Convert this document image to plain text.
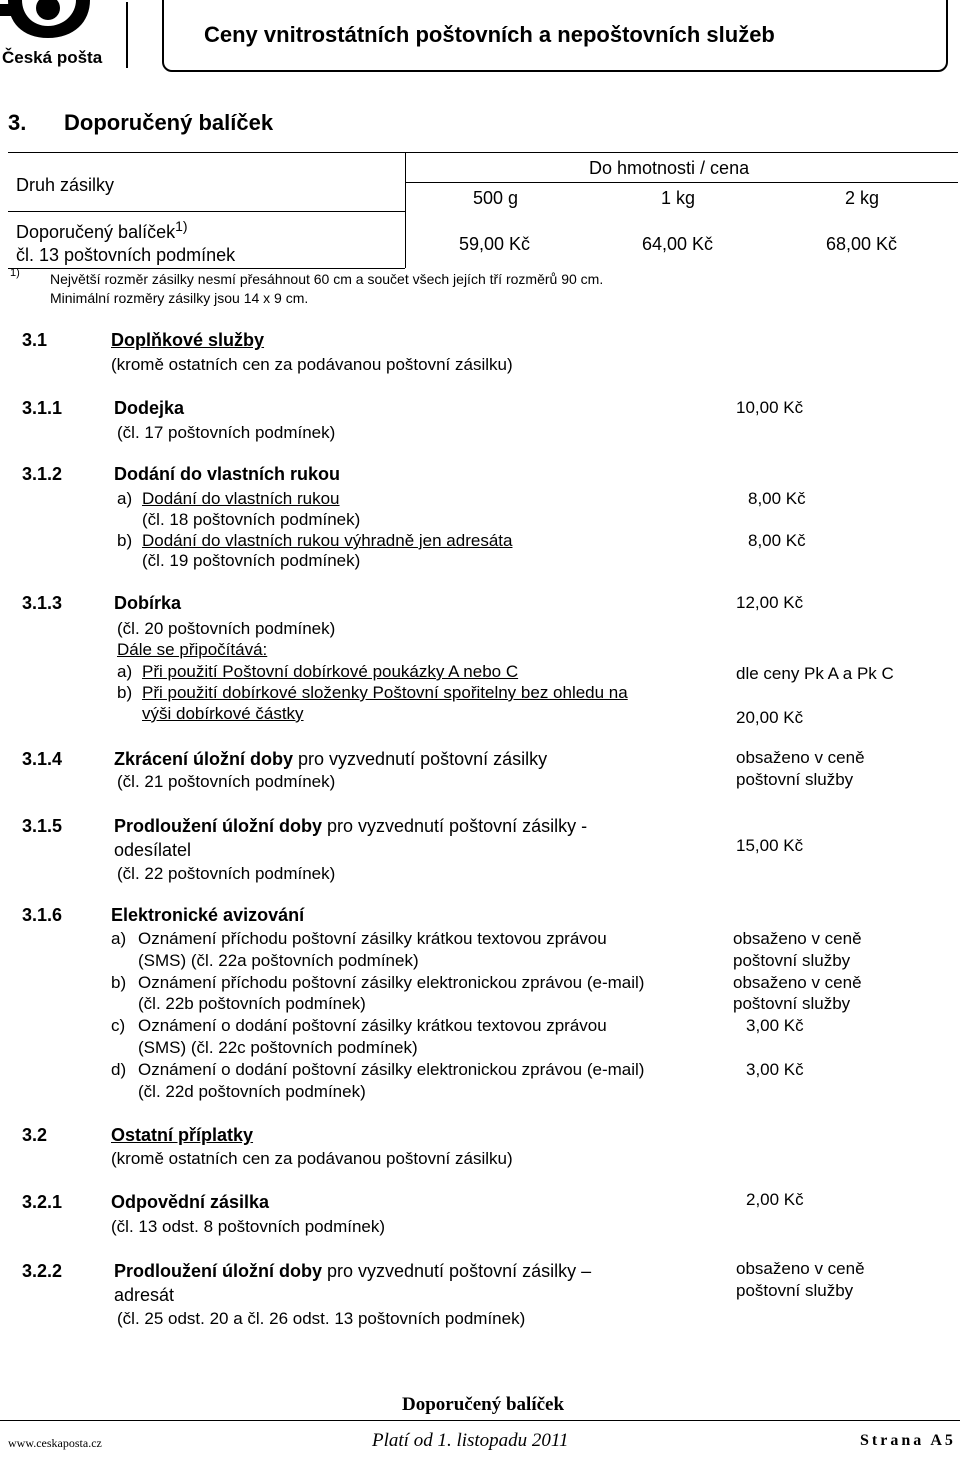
Česká pošta
Ceny vnitrostátních poštovních a nepoštovních služeb
3. Doporučený balíček
Druh zásilky
Do hmotnosti / cena
500 g	1 kg	2 kg
Doporučený balíček$^{1)}$
čl. 13 poštovních podmínek
59,00 Kč	64,00 Kč	68,00 Kč
1) Největší rozměr zásilky nesmí přesáhnout 60 cm a součet všech jejích tří rozměrů 90 cm.
Minimální rozměry zásilky jsou 14 x 9 cm.
3.1	Doplňkové služby
(kromě ostatních cen za podávanou poštovní zásilku)
3.1.1	Dodejka
(čl. 17 poštovních podmínek)
10,00 Kč
3.1.2	Dodání do vlastních rukou
a) Dodání do vlastních rukou
(čl. 18 poštovních podmínek)
8,00 Kč
b) Dodání do vlastních rukou výhradně jen adresáta
(čl. 19 poštovních podmínek)
8,00 Kč
3.1.3	Dobírka	12,00 Kč
(čl. 20 poštovních podmínek)
Dále se připočítává:
a) Při použití Poštovní dobírkové poukázky A nebo C	dle ceny Pk A a Pk C
b) Při použití dobírkové složenky Poštovní spořitelny bez ohledu na
výši dobírkové částky	20,00 Kč
3.1.4	Zkrácení úložní doby pro vyzvednutí poštovní zásilky
(čl. 21 poštovních podmínek)
obsaženo v ceně
poštovní služby
3.1.5	Prodloužení úložní doby pro vyzvednutí poštovní zásilky -
odesílatel
(čl. 22 poštovních podmínek)
15,00 Kč
3.1.6	Elektronické avizování
a) Oznámení příchodu poštovní zásilky krátkou textovou zprávou
(SMS) (čl. 22a poštovních podmínek)
obsaženo v ceně
poštovní služby
b) Oznámení příchodu poštovní zásilky elektronickou zprávou (e-mail)
(čl. 22b poštovních podmínek)
obsaženo v ceně
poštovní služby
c) Oznámení o dodání poštovní zásilky krátkou textovou zprávou
(SMS) (čl. 22c poštovních podmínek)
3,00 Kč
d) Oznámení o dodání poštovní zásilky elektronickou zprávou (e-mail)
(čl. 22d poštovních podmínek)
3,00 Kč
3.2	Ostatní příplatky
(kromě ostatních cen za podávanou poštovní zásilku)
3.2.1	Odpovědní zásilka
(čl. 13 odst. 8 poštovních podmínek)
2,00 Kč
3.2.2	Prodloužení úložní doby pro vyzvednutí poštovní zásilky –
adresát
(čl. 25 odst. 20 a čl. 26 odst. 13 poštovních podmínek)
obsaženo v ceně
poštovní služby
Doporučený balíček
www.ceskaposta.cz	Platí od 1. listopadu 2011	Strana A5
